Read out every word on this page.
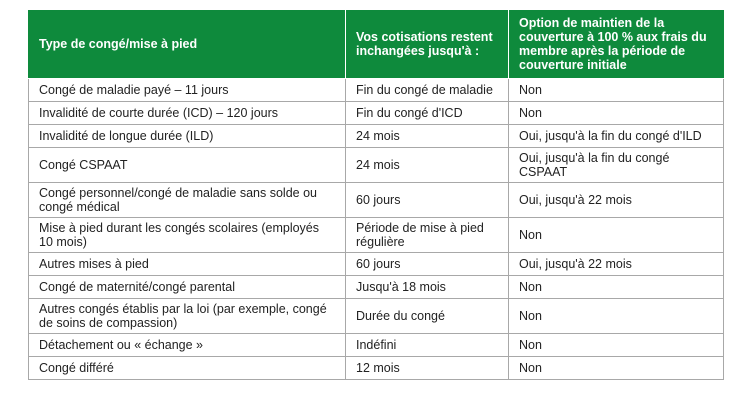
Type de congé/mise à pied	Vos cotisations restent inchangées jusqu'à :	Option de maintien de la couverture à 100 % aux frais du membre après la période de couverture initiale
Congé de maladie payé – 11 jours	Fin du congé de maladie	Non
Invalidité de courte durée (ICD) – 120 jours	Fin du congé d'ICD	Non
Invalidité de longue durée (ILD)	24 mois	Oui, jusqu'à la fin du congé d'ILD
Congé CSPAAT	24 mois	Oui, jusqu'à la fin du congé CSPAAT
Congé personnel/congé de maladie sans solde ou congé médical	60 jours	Oui, jusqu'à 22 mois
Mise à pied durant les congés scolaires (employés 10 mois)	Période de mise à pied régulière	Non
Autres mises à pied	60 jours	Oui, jusqu'à 22 mois
Congé de maternité/congé parental	Jusqu'à 18 mois	Non
Autres congés établis par la loi (par exemple, congé de soins de compassion)	Durée du congé	Non
Détachement ou « échange »	Indéfini	Non
Congé différé	12 mois	Non
